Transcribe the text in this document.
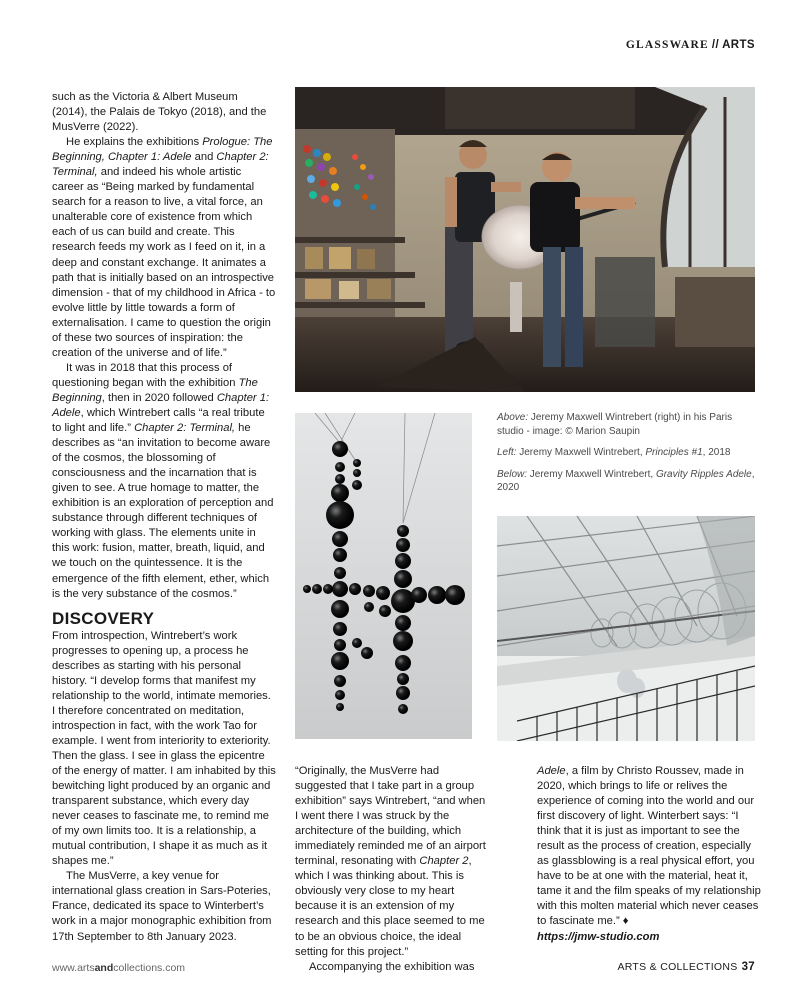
GLASSWARE // ARTS

such as the Victoria & Albert Museum (2014), the Palais de Tokyo (2018), and the MusVerre (2022).

He explains the exhibitions Prologue: The Beginning, Chapter 1: Adele and Chapter 2: Terminal, and indeed his whole artistic career as “Being marked by fundamental search for a reason to live, a vital force, an unalterable core of existence from which each of us can build and create. This research feeds my work as I feed on it, in a deep and constant exchange. It animates a path that is initially based on an introspective dimension - that of my childhood in Africa - to evolve little by little towards a form of externalisation. I came to question the origin of these two sources of inspiration: the creation of the universe and of life.”

It was in 2018 that this process of questioning began with the exhibition The Beginning, then in 2020 followed Chapter 1: Adele, which Wintrebert calls “a real tribute to light and life.” Chapter 2: Terminal, he describes as “an invitation to become aware of the cosmos, the blossoming of consciousness and the incarnation that is given to see. A true homage to matter, the exhibition is an exploration of perception and substance through different techniques of working with glass. The elements unite in this work: fusion, matter, breath, liquid, and we touch on the quintessence. It is the emergence of the fifth element, ether, which is the very substance of the cosmos.”

DISCOVERY

From introspection, Wintrebert’s work progresses to opening up, a process he describes as starting with his personal history. “I develop forms that manifest my relationship to the world, intimate memories. I therefore concentrated on meditation, introspection in fact, with the work Tao for example. I went from interiority to exteriority. Then the glass. I see in glass the epicentre of the energy of matter. I am inhabited by this bewitching light produced by an organic and transparent substance, which every day never ceases to fascinate me, to remind me of my own limits too. It is a relationship, a mutual contribution, I shape it as much as it shapes me.”

The MusVerre, a key venue for international glass creation in Sars-Poteries, France, dedicated its space to Winterbert’s work in a major monographic exhibition from 17th September to 8th January 2023.

Above: Jeremy Maxwell Wintrebert (right) in his Paris studio - image: © Marion Saupin

Left: Jeremy Maxwell Wintrebert, Principles #1, 2018

Below: Jeremy Maxwell Wintrebert, Gravity Ripples Adele, 2020

“Originally, the MusVerre had suggested that I take part in a group exhibition” says Wintrebert, “and when I went there I was struck by the architecture of the building, which immediately reminded me of an airport terminal, resonating with Chapter 2, which I was thinking about. This is obviously very close to my heart because it is an extension of my research and this place seemed to me to be an obvious choice, the ideal setting for this project.”

Accompanying the exhibition was

Adele, a film by Christo Roussev, made in 2020, which brings to life or relives the experience of coming into the world and our first discovery of light. Winterbert says: “I think that it is just as important to see the result as the process of creation, especially as glassblowing is a real physical effort, you have to be at one with the material, heat it, tame it and the film speaks of my relationship with this molten material which never ceases to fascinate me.” ♦

https://jmw-studio.com

www.artsandcollections.com	ARTS & COLLECTIONS 37
